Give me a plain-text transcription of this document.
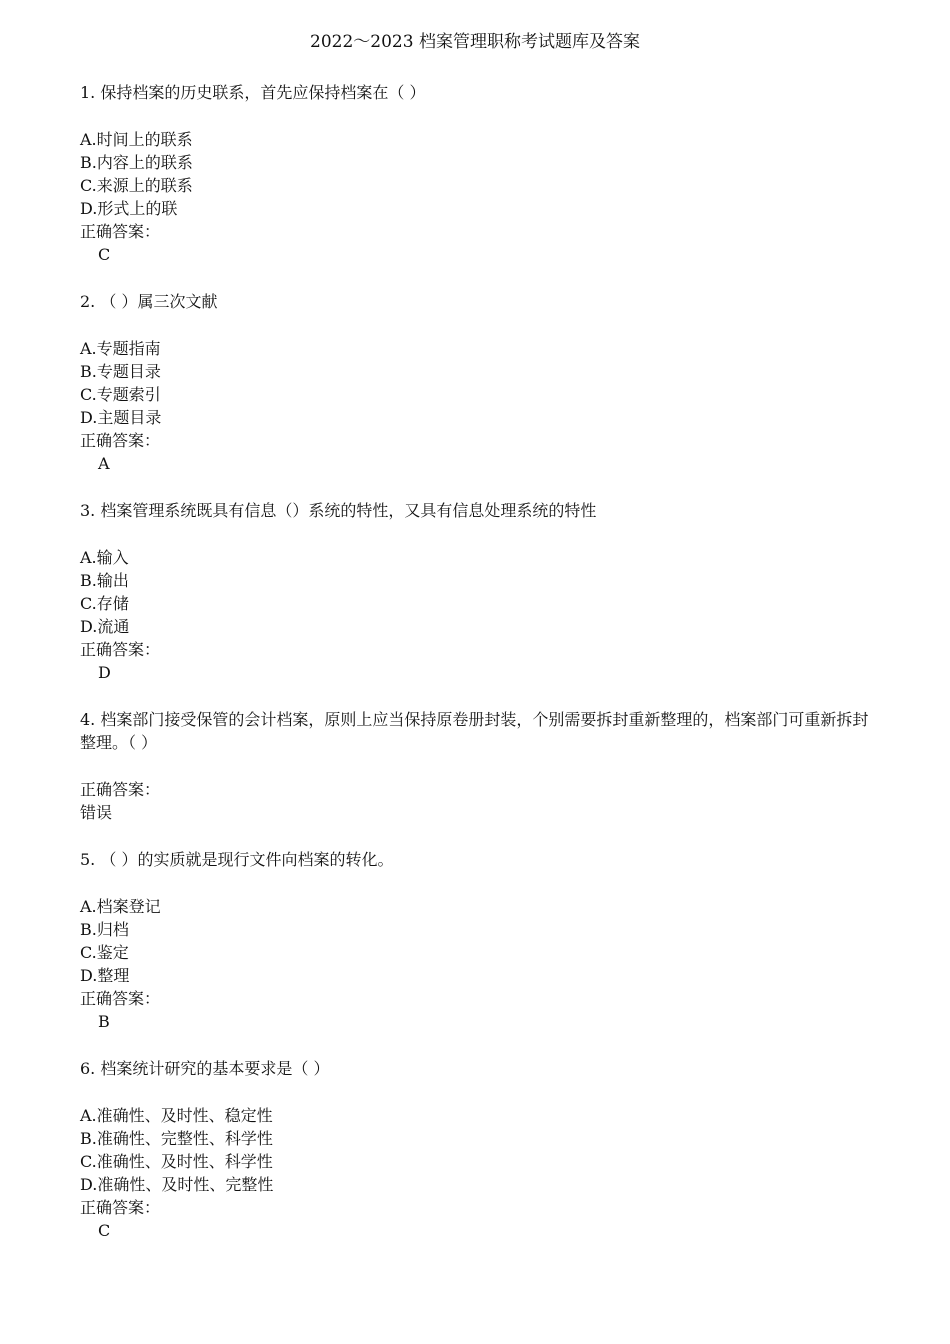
2022～2023 档案管理职称考试题库及答案
1. 保持档案的历史联系，首先应保持档案在（ ）
A.时间上的联系
B.内容上的联系
C.来源上的联系
D.形式上的联
正确答案：
C
2. （ ）属三次文献
A.专题指南
B.专题目录
C.专题索引
D.主题目录
正确答案：
A
3. 档案管理系统既具有信息（）系统的特性，又具有信息处理系统的特性
A.输入
B.输出
C.存储
D.流通
正确答案：
D
4. 档案部门接受保管的会计档案，原则上应当保持原卷册封装，个别需要拆封重新整理的，档案部门可重新拆封整理。（ ）
正确答案：
错误
5. （ ）的实质就是现行文件向档案的转化。
A.档案登记
B.归档
C.鉴定
D.整理
正确答案：
B
6. 档案统计研究的基本要求是（ ）
A.准确性、及时性、稳定性
B.准确性、完整性、科学性
C.准确性、及时性、科学性
D.准确性、及时性、完整性
正确答案：
C
